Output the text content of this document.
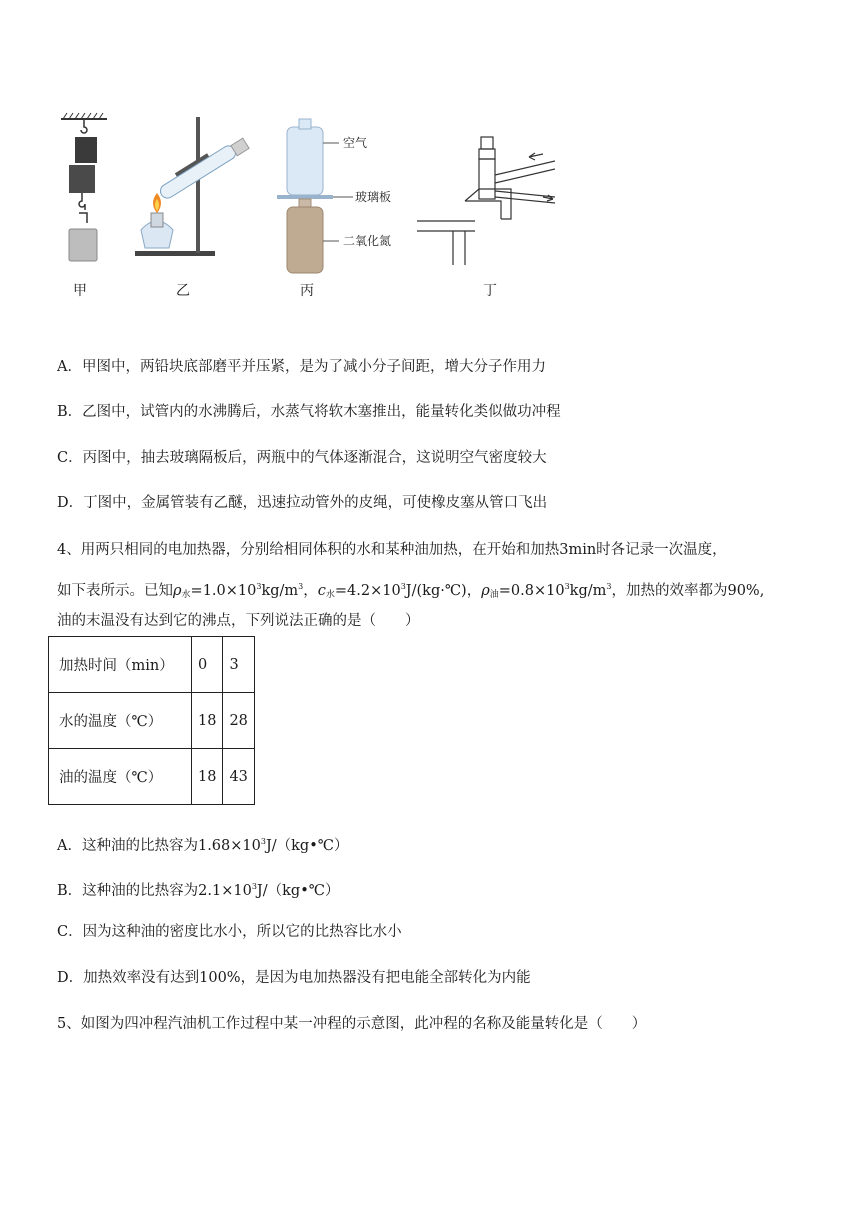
空气
玻璃板
二氧化氮
甲	乙	丙	丁
A．甲图中，两铅块底部磨平并压紧，是为了减小分子间距，增大分子作用力
B．乙图中，试管内的水沸腾后，水蒸气将软木塞推出，能量转化类似做功冲程
C．丙图中，抽去玻璃隔板后，两瓶中的气体逐渐混合，这说明空气密度较大
D．丁图中，金属管装有乙醚，迅速拉动管外的皮绳，可使橡皮塞从管口飞出
4、用两只相同的电加热器，分别给相同体积的水和某种油加热，在开始和加热3min时各记录一次温度，
如下表所示。已知$\rho_水=1.0\times 10^3kg/m^3$，$c_水=4.2\times 10^3J/(kg\cdot℃)$，$\rho_油=0.8\times 10^3kg/m^3$，加热的效率都为90%,
油的末温没有达到它的沸点，下列说法正确的是（　　）
加热时间（min）	0	3
水的温度（℃）	18	28
油的温度（℃）	18	43
A．这种油的比热容为$1.68\times 10^3J/(kg•℃)$
B．这种油的比热容为$2.1\times 10^3J/(kg•℃)$
C．因为这种油的密度比水小，所以它的比热容比水小
D．加热效率没有达到100%，是因为电加热器没有把电能全部转化为内能
5、如图为四冲程汽油机工作过程中某一冲程的示意图，此冲程的名称及能量转化是（　　）
